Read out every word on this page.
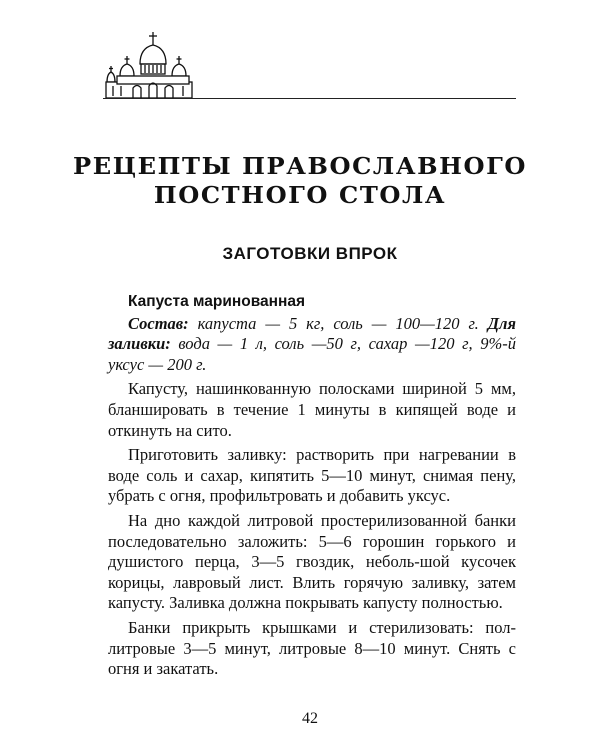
РЕЦЕПТЫ ПРАВОСЛАВНОГО
ПОСТНОГО СТОЛА
ЗАГОТОВКИ ВПРОК

Капуста маринованная

Состав: капуста — 5 кг, соль — 100—120 г. Для заливки: вода — 1 л, соль —50 г, сахар —120 г, 9%-й уксус — 200 г.

Капусту, нашинкованную полосками шириной 5 мм, бланшировать в течение 1 минуты в кипящей воде и откинуть на сито.

Приготовить заливку: растворить при нагревании в воде соль и сахар, кипятить 5—10 минут, снимая пену, убрать с огня, профильтровать и добавить уксус.

На дно каждой литровой простерилизованной банки последовательно заложить: 5—6 горошин горького и душистого перца, 3—5 гвоздик, неболь-шой кусочек корицы, лавровый лист. Влить горячую заливку, затем капусту. Заливка должна покрывать капусту полностью.

Банки прикрыть крышками и стерилизовать: пол-литровые 3—5 минут, литровые 8—10 минут. Снять с огня и закатать.

42
